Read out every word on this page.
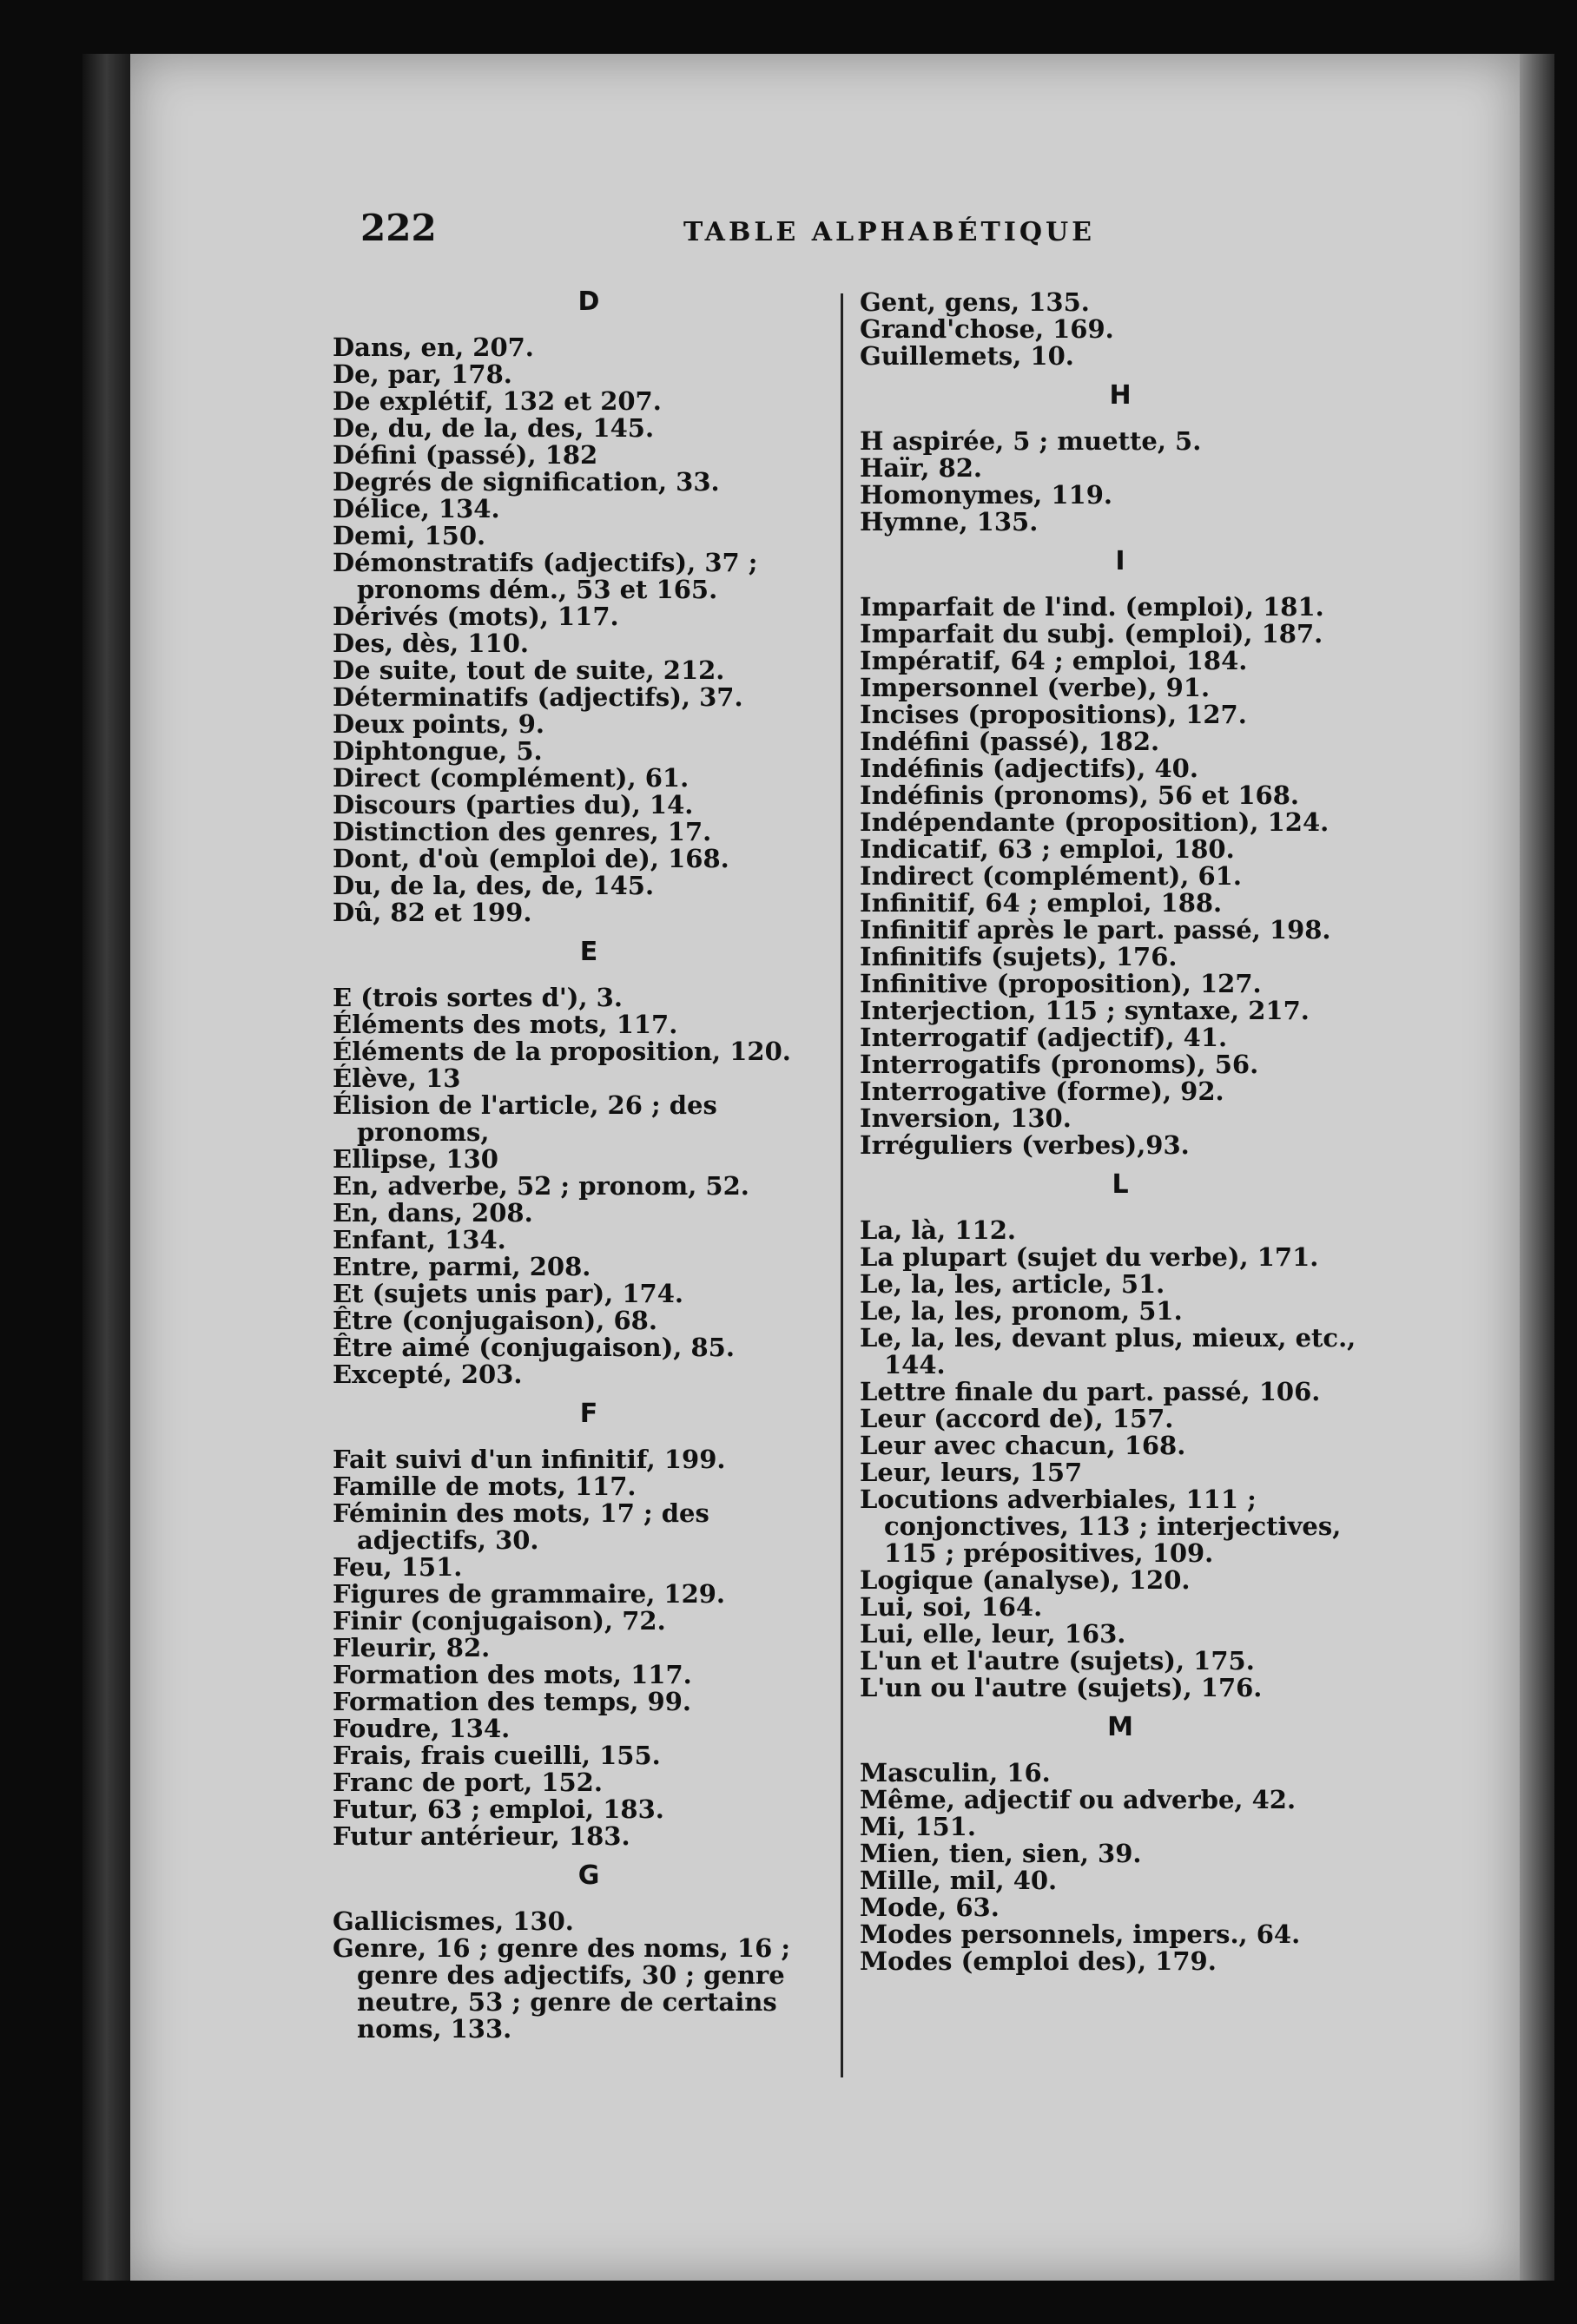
222	TABLE ALPHABÉTIQUE
D
Dans, en, 207.
De, par, 178.
De explétif, 132 et 207.
De, du, de la, des, 145.
Défini (passé), 182
Degrés de signification, 33.
Délice, 134.
Demi, 150.
Démonstratifs (adjectifs), 37 ; pronoms dém., 53 et 165.
Dérivés (mots), 117.
Des, dès, 110.
De suite, tout de suite, 212.
Déterminatifs (adjectifs), 37.
Deux points, 9.
Diphtongue, 5.
Direct (complément), 61.
Discours (parties du), 14.
Distinction des genres, 17.
Dont, d'où (emploi de), 168.
Du, de la, des, de, 145.
Dû, 82 et 199.
E
E (trois sortes d'), 3.
Éléments des mots, 117.
Éléments de la proposition, 120.
Élève, 13
Élision de l'article, 26 ; des pronoms,
Ellipse, 130
En, adverbe, 52 ; pronom, 52.
En, dans, 208.
Enfant, 134.
Entre, parmi, 208.
Et (sujets unis par), 174.
Être (conjugaison), 68.
Être aimé (conjugaison), 85.
Excepté, 203.
F
Fait suivi d'un infinitif, 199.
Famille de mots, 117.
Féminin des mots, 17 ; des adjectifs, 30.
Feu, 151.
Figures de grammaire, 129.
Finir (conjugaison), 72.
Fleurir, 82.
Formation des mots, 117.
Formation des temps, 99.
Foudre, 134.
Frais, frais cueilli, 155.
Franc de port, 152.
Futur, 63 ; emploi, 183.
Futur antérieur, 183.
G
Gallicismes, 130.
Genre, 16 ; genre des noms, 16 ; genre des adjectifs, 30 ; genre neutre, 53 ; genre de certains noms, 133.
Gent, gens, 135.
Grand'chose, 169.
Guillemets, 10.
H
H aspirée, 5 ; muette, 5.
Haïr, 82.
Homonymes, 119.
Hymne, 135.
I
Imparfait de l'ind. (emploi), 181.
Imparfait du subj. (emploi), 187.
Impératif, 64 ; emploi, 184.
Impersonnel (verbe), 91.
Incises (propositions), 127.
Indéfini (passé), 182.
Indéfinis (adjectifs), 40.
Indéfinis (pronoms), 56 et 168.
Indépendante (proposition), 124.
Indicatif, 63 ; emploi, 180.
Indirect (complément), 61.
Infinitif, 64 ; emploi, 188.
Infinitif après le part. passé, 198.
Infinitifs (sujets), 176.
Infinitive (proposition), 127.
Interjection, 115 ; syntaxe, 217.
Interrogatif (adjectif), 41.
Interrogatifs (pronoms), 56.
Interrogative (forme), 92.
Inversion, 130.
Irréguliers (verbes),93.
L
La, là, 112.
La plupart (sujet du verbe), 171.
Le, la, les, article, 51.
Le, la, les, pronom, 51.
Le, la, les, devant plus, mieux, etc., 144.
Lettre finale du part. passé, 106.
Leur (accord de), 157.
Leur avec chacun, 168.
Leur, leurs, 157
Locutions adverbiales, 111 ; conjonctives, 113 ; interjectives, 115 ; prépositives, 109.
Logique (analyse), 120.
Lui, soi, 164.
Lui, elle, leur, 163.
L'un et l'autre (sujets), 175.
L'un ou l'autre (sujets), 176.
M
Masculin, 16.
Même, adjectif ou adverbe, 42.
Mi, 151.
Mien, tien, sien, 39.
Mille, mil, 40.
Mode, 63.
Modes personnels, impers., 64.
Modes (emploi des), 179.
